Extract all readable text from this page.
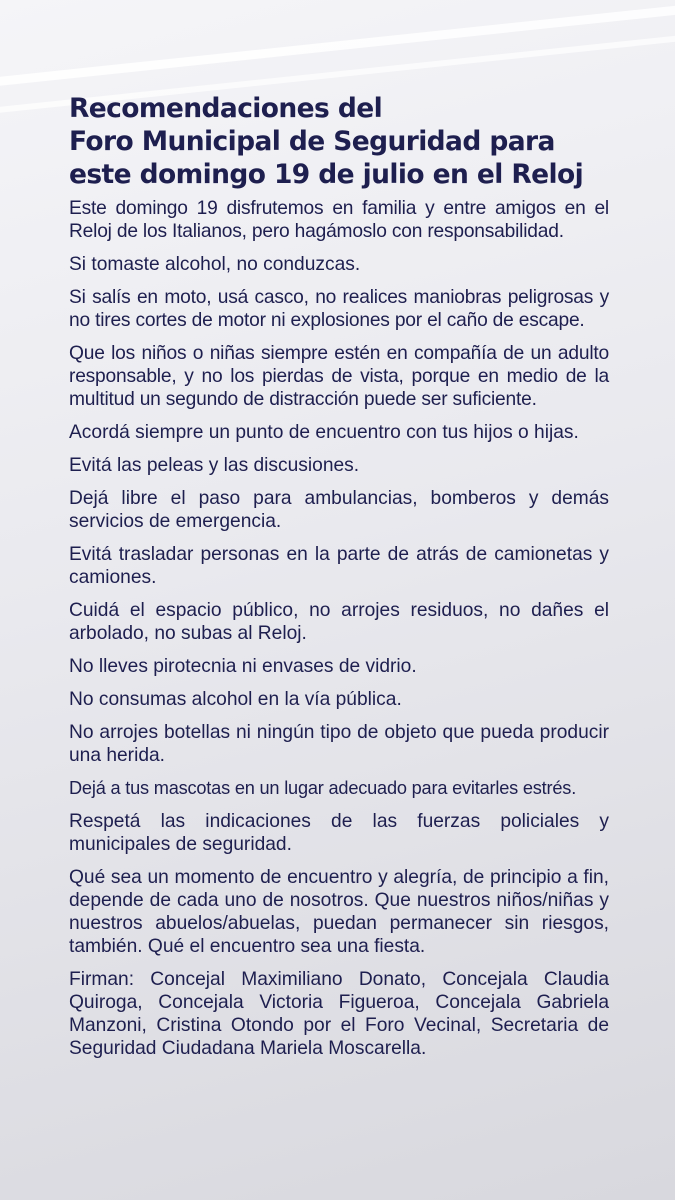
Recomendaciones del
Foro Municipal de Seguridad para
este domingo 19 de julio en el Reloj

Este domingo 19 disfrutemos en familia y entre amigos en el Reloj de los Italianos, pero hagámoslo con responsabilidad.

Si tomaste alcohol, no conduzcas.

Si salís en moto, usá casco, no realices maniobras peligrosas y no tires cortes de motor ni explosiones por el caño de escape.

Que los niños o niñas siempre estén en compañía de un adulto responsable, y no los pierdas de vista, porque en medio de la multitud un segundo de distracción puede ser suficiente.

Acordá siempre un punto de encuentro con tus hijos o hijas.

Evitá las peleas y las discusiones.

Dejá libre el paso para ambulancias, bomberos y demás servicios de emergencia.

Evitá trasladar personas en la parte de atrás de camionetas y camiones.

Cuidá el espacio público, no arrojes residuos, no dañes el arbolado, no subas al Reloj.

No lleves pirotecnia ni envases de vidrio.

No consumas alcohol en la vía pública.

No arrojes botellas ni ningún tipo de objeto que pueda producir una herida.

Dejá a tus mascotas en un lugar adecuado para evitarles estrés.

Respetá las indicaciones de las fuerzas policiales y municipales de seguridad.

Qué sea un momento de encuentro y alegría, de principio a fin, depende de cada uno de nosotros. Que nuestros niños/niñas y nuestros abuelos/abuelas, puedan permanecer sin riesgos, también. Qué el encuentro sea una fiesta.

Firman: Concejal Maximiliano Donato, Concejala Claudia Quiroga, Concejala Victoria Figueroa, Concejala Gabriela Manzoni, Cristina Otondo por el Foro Vecinal, Secretaria de Seguridad Ciudadana Mariela Moscarella.
